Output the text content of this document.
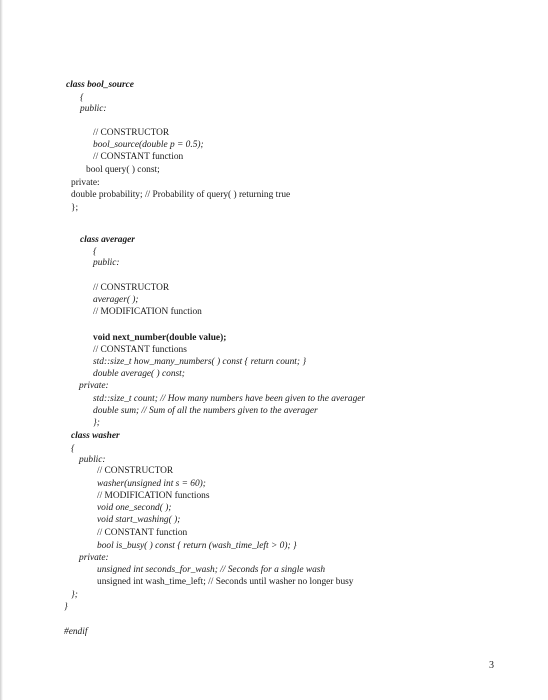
class bool_source
{
public:
// CONSTRUCTOR
bool_source(double p = 0.5);
// CONSTANT function
bool query( ) const;
private:
double probability; // Probability of query( ) returning true
};
class averager
{
public:
// CONSTRUCTOR
averager( );
// MODIFICATION function
void next_number(double value);
// CONSTANT functions
std::size_t how_many_numbers( ) const { return count; }
double average( ) const;
private:
std::size_t count; // How many numbers have been given to the averager
double sum; // Sum of all the numbers given to the averager
};
class washer
{
public:
// CONSTRUCTOR
washer(unsigned int s = 60);
// MODIFICATION functions
void one_second( );
void start_washing( );
// CONSTANT function
bool is_busy( ) const { return (wash_time_left > 0); }
private:
unsigned int seconds_for_wash; // Seconds for a single wash
unsigned int wash_time_left; // Seconds until washer no longer busy
};
}
#endif
3
